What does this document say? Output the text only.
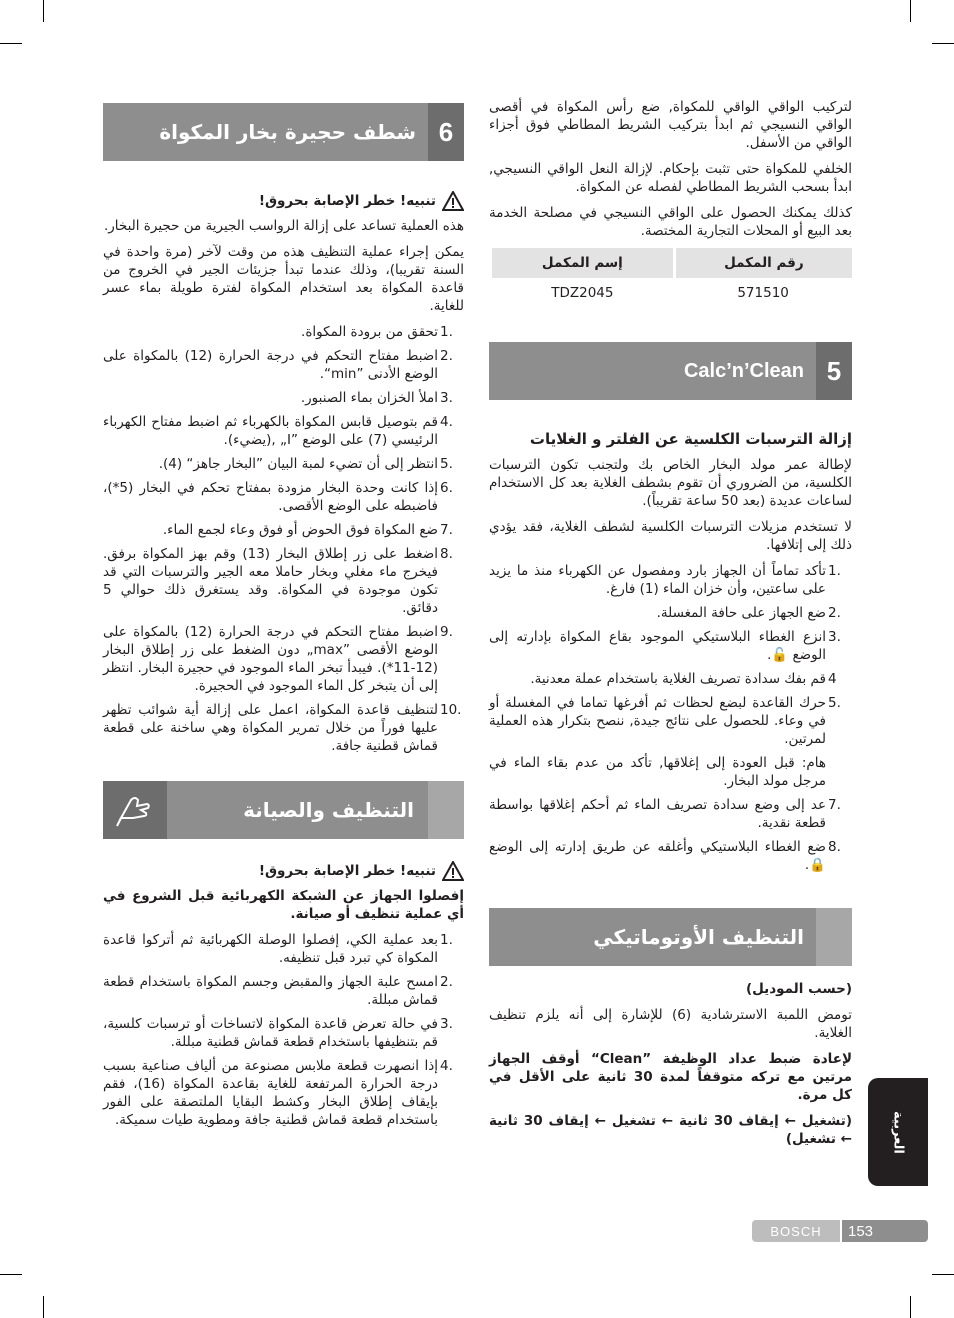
لتركيب الواقي الواقي للمكواة, ضع رأس المكواة في أقصى الواقي النسيجي ثم ابدأ بتركيب الشريط المطاطي فوق أجزاء الواقي من الأسفل.

الخلفي للمكواة حتى تثبت بإحكام. لإزالة النعل الواقي النسيجي, ابدأ بسحب الشريط المطاطي لفصله عن المكواة.

كذلك يمكنك الحصول على الواقي النسيجي في مصلحة الخدمة بعد البيع أو المحلات التجارية المختصة.

رقم المكمل	إسم المكمل
571510	TDZ2045
5
Calc’n’Clean

إزالة الترسبات الكلسية عن الفلتر و الغلايات

لإطالة عمر مولد البخار الخاص بك ولتجنب تكون الترسبات الكلسية، من الضروري أن تقوم بشطف الغلاية بعد كل الاستخدام لساعات عديدة (بعد 50 ساعة تقريباً).

لا تستخدم مزيلات الترسبات الكلسية لشطف الغلاية، فقد يؤدي ذلك إلى إتلافها.

1.
تأكد تماماً أن الجهاز بارد ومفصول عن الكهرباء منذ ما يزيد على ساعتين، وأن خزان الماء (1) فارغ.
2.
ضع الجهاز على حافة المغسلة.
3.
انزع الغطاء البلاستيكي الموجود بقاع المكواة بإدارته إلى الوضع 🔓.
4
قم بفك سدادة تصريف الغلاية باستخدام عملة معدنية.
5.
حرك القاعدة لبضع لحظات ثم أفرغها تماما في المغسلة أو في وعاء. للحصول على نتائج جيدة, ننصح بتكرار هذه العملية لمرتين.
هام: قبل العودة إلى إغلاقها, تأكد من عدم بقاء الماء في مرجل مولد البخار.
7.
عد إلى وضع سدادة تصريف الماء ثم أحكم إغلاقها بواسطة قطعة نقدية.
8.
ضع الغطاء البلاستيكي وأغلقه عن طريق إدارته إلى الوضع 🔒.
التنظيف الأوتوماتيكي

(حسب الموديل)

تومض اللمبة الاسترشادية (6) للإشارة إلى أنه يلزم تنظيف الغلاية.

لإعادة ضبط عداد الوظيفة ”Clean“ أوقف الجهاز مرتين مع تركه متوقفاً لمدة 30 ثانية على الأقل في كل مرة.

(تشغيل ← إيقاف 30 ثانية ← تشغيل ← إيقاف 30 ثانية ← تشغيل)

6
شطف حجيرة بخار المكواة
تنبيه! خطر الإصابة بحروق!

هذه العملية تساعد على إزالة الرواسب الجيرية من حجيرة البخار.

يمكن إجراء عملية التنظيف هذه من وقت لآخر (مرة واحدة في السنة تقريبا)، وذلك عندما تبدأ جزيئات الجير في الخروج من قاعدة المكواة بعد استخدام المكواة لفترة طويلة بماء عسر للغاية.

1.
تحقق من برودة المكواة.
2.
اضبط مفتاح التحكم في درجة الحرارة (12) بالمكواة على الوضع الأدنى ”min“.
3.
املأ الخزان بماء الصنبور.
4.
قم بتوصيل قابس المكواة بالكهرباء ثم اضبط مفتاح الكهرباء الرئيسي (7) على الوضع ”I„ ,(يضيء).
5.
انتظر إلى أن تضيء لمبة البيان ”البخار جاهز“ (4).
6.
إذا كانت وحدة البخار مزودة بمفتاح تحكم في البخار (5*)، فاضبطه على الوضع الأقصى.
7.
ضع المكواة فوق الحوض أو فوق وعاء لجمع الماء.
8.
اضغط على زر إطلاق البخار (13) وقم بهز المكواة برفق. فيخرج ماء مغلي وبخار حاملا معه الجير والترسبات التي قد تكون موجودة في المكواة. وقد يستغرق ذلك حوالي 5 دقائق.
9.
اضبط مفتاح التحكم في درجة الحرارة (12) بالمكواة على الوضع الأقصى ”max„ دون الضغط على زر إطلاق البخار (12-11*). فيبدأ تبخر الماء الموجود في حجيرة البخار. انتظر إلى أن يتبخر كل الماء الموجود في الحجيرة.
10.
لتنظيف قاعدة المكواة، اعمل على إزالة أية شوائب تظهر عليها فوراً من خلال تمرير المكواة وهي ساخنة على قطعة قماش قطنية جافة.
التنظيف والصيانة
تنبيه! خطر الإصابة بحروق!

إفصلوا الجهاز عن الشبكة الكهربائية قبل الشروع في أي عملية تنظيف أو صيانة.

1.
بعد عملية الكي، إفصلوا الوصلة الكهربائية ثم أتركوا قاعدة المكواة كي تبرد قبل تنظيفه.
2.
امسح علبة الجهاز والمقبض وجسم المكواة باستخدام قطعة قماش مبللة.
3.
في حالة تعرض قاعدة المكواة لاتساخات أو ترسبات كلسية، قم بتنظيفها باستخدام قطعة قماش قطنية مبللة.
4.
إذا انصهرت قطعة ملابس مصنوعة من ألياف صناعية بسبب درجة الحرارة المرتفعة للغاية بقاعدة المكواة (16)، فقم بإيقاف إطلاق البخار وكشط البقايا الملتصقة على الفور باستخدام قطعة قماش قطنية جافة ومطوية طيات سميكة.	العربية
BOSCH	153
